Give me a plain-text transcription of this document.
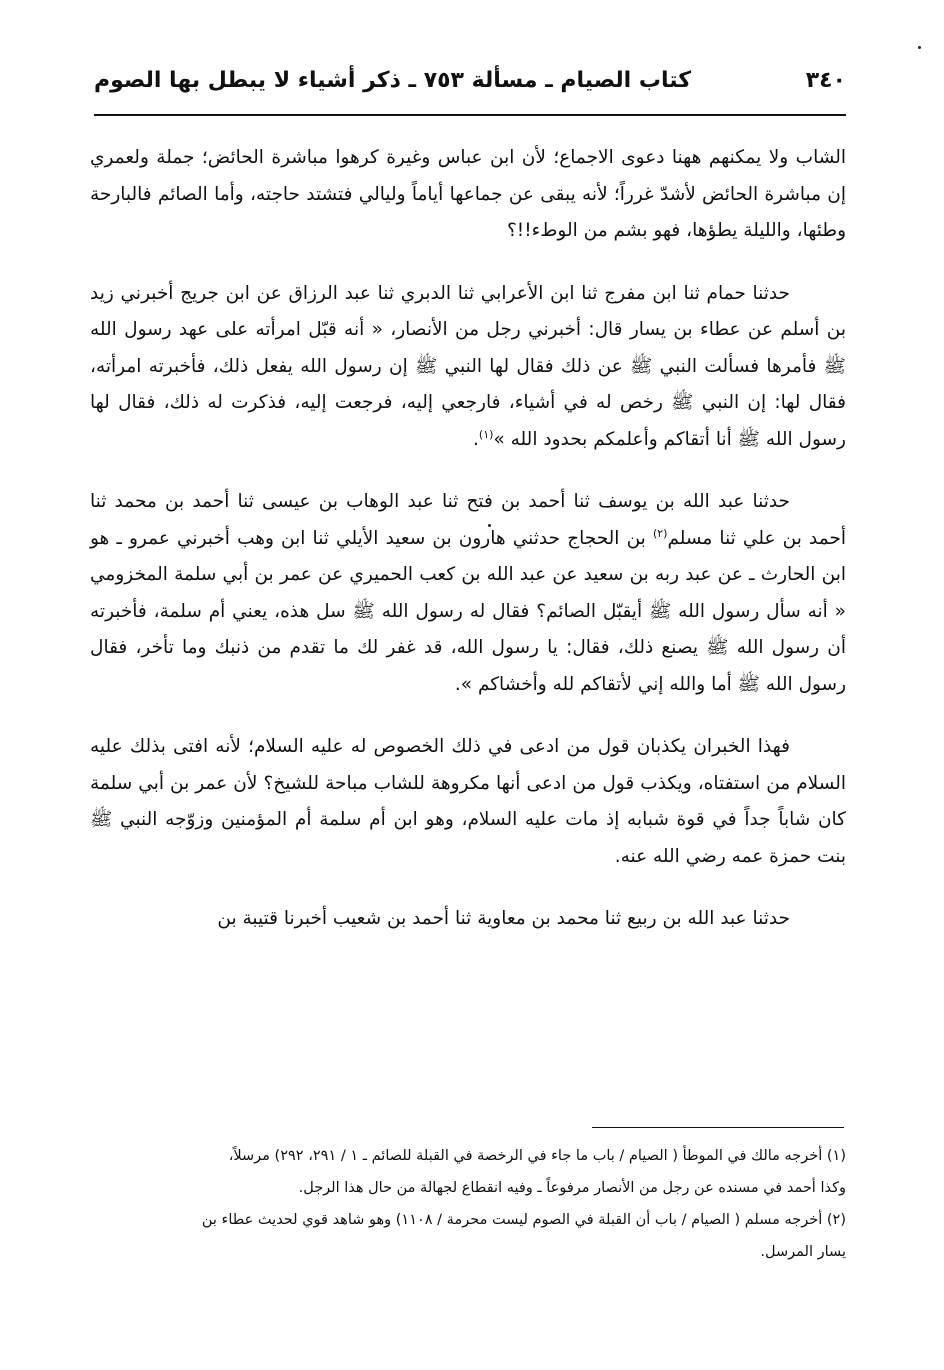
٣٤٠
كتاب الصيام ـ مسألة ٧٥٣ ـ ذكر أشياء لا يبطل بها الصوم

الشاب ولا يمكنهم ههنا دعوى الاجماع؛ لأن ابن عباس وغيرة كرهوا مباشرة الحائض؛ جملة ولعمري إن مباشرة الحائض لأشدّ غرراً؛ لأنه يبقى عن جماعها أياماً وليالي فتشتد حاجته، وأما الصائم فالبارحة وطئها، والليلة يطؤها، فهو بشم من الوطء!!؟

حدثنا حمام ثنا ابن مفرج ثنا ابن الأعرابي ثنا الدبري ثنا عبد الرزاق عن ابن جريج أخبرني زيد بن أسلم عن عطاء بن يسار قال: أخبرني رجل من الأنصار، « أنه قبّل امرأته على عهد رسول الله ﷺ فأمرها فسألت النبي ﷺ عن ذلك فقال لها النبي ﷺ إن رسول الله يفعل ذلك، فأخبرته امرأته، فقال لها: إن النبي ﷺ رخص له في أشياء، فارجعي إليه، فرجعت إليه، فذكرت له ذلك، فقال لها رسول الله ﷺ أنا أتقاكم وأعلمكم بحدود الله »$^{(١)}$.

حدثنا عبد الله بن يوسف ثنا أحمد بن فتح ثنا عبد الوهاب بن عيسى ثنا أحمد بن محمد ثنا أحمد بن علي ثنا مسلم$^{(٢)}$ بن الحجاج حدثني هارون بن سعيد الأيلي ثنا ابن وهب أخبرني عمرو ـ هو ابن الحارث ـ عن عبد ربه بن سعيد عن عبد الله بن كعب الحميري عن عمر بن أبي سلمة المخزومي « أنه سأل رسول الله ﷺ أيقبّل الصائم؟ فقال له رسول الله ﷺ سل هذه، يعني أم سلمة، فأخبرته أن رسول الله ﷺ يصنع ذلك، فقال: يا رسول الله، قد غفر لك ما تقدم من ذنبك وما تأخر، فقال رسول الله ﷺ أما والله إني لأتقاكم لله وأخشاكم ».

فهذا الخبران يكذبان قول من ادعى في ذلك الخصوص له عليه السلام؛ لأنه افتى بذلك عليه السلام من استفتاه، ويكذب قول من ادعى أنها مكروهة للشاب مباحة للشيخ؟ لأن عمر بن أبي سلمة كان شاباً جداً في قوة شبابه إذ مات عليه السلام، وهو ابن أم سلمة أم المؤمنين وزوّجه النبي ﷺ بنت حمزة عمه رضي الله عنه.

حدثنا عبد الله بن ربيع ثنا محمد بن معاوية ثنا أحمد بن شعيب أخبرنا قتيبة بن

(١) أخرجه مالك في الموطأ ( الصيام / باب ما جاء في الرخصة في القبلة للصائم ـ ١ / ٢٩١، ٢٩٢) مرسلاً،

وكذا أحمد في مسنده عن رجل من الأنصار مرفوعاً ـ وفيه انقطاع لجهالة من حال هذا الرجل.

(٢) أخرجه مسلم ( الصيام / باب أن القبلة في الصوم ليست محرمة / ١١٠٨) وهو شاهد قوي لحديث عطاء بن

يسار المرسل.
